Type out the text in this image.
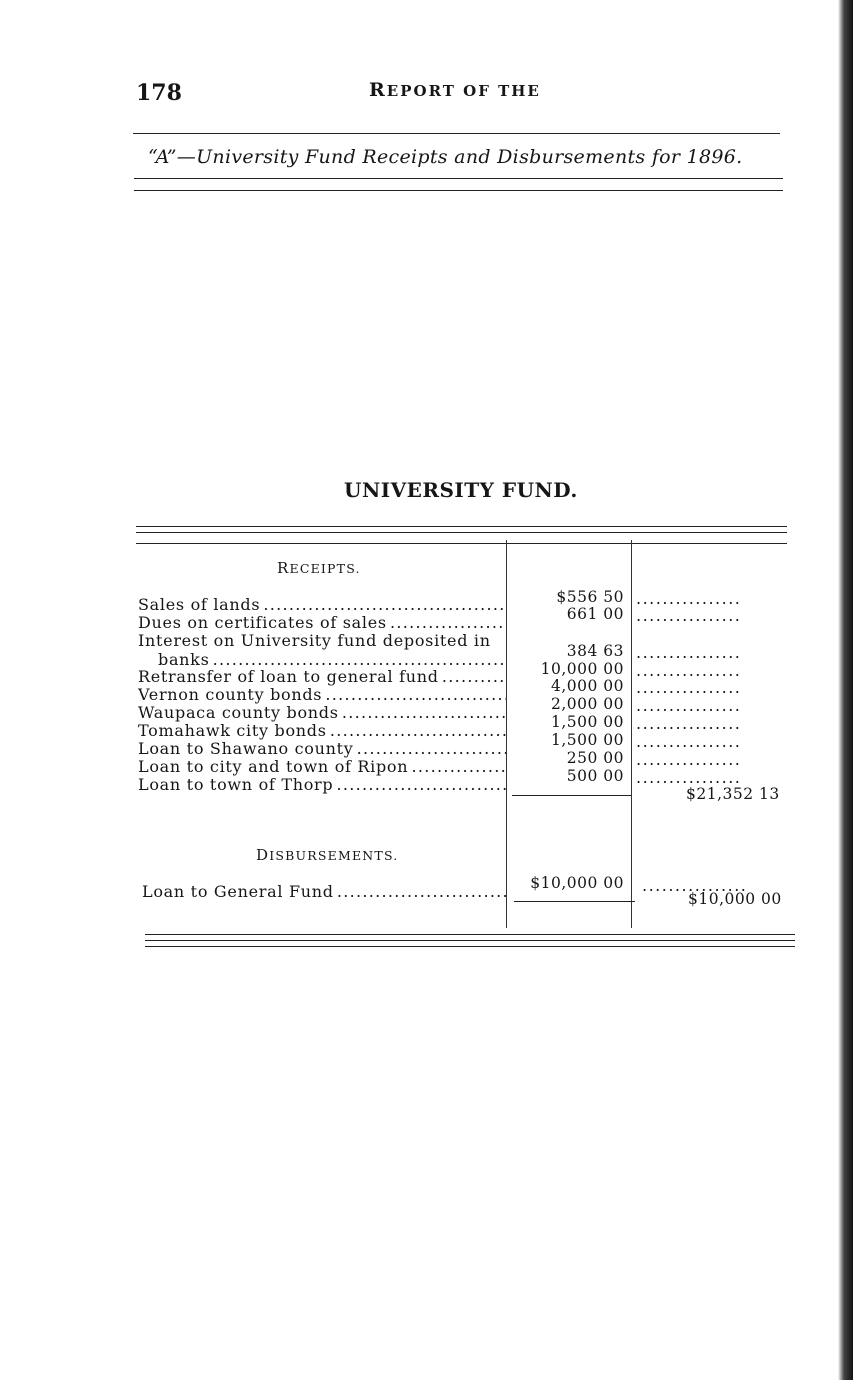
178	REPORT OF THE
“A”—University Fund Receipts and Disbursements for 1896.
UNIVERSITY FUND.
RECEIPTS.
Sales of lands . . .	$556 50 ................
Dues on certificates of sales . . .	661 00 ................
Interest on University fund deposited in
banks . . .	384 63 ................
Retransfer of loan to general fund . . .	10,000 00 ................
Vernon county bonds . . .	4,000 00 ................
Waupaca county bonds . . .	2,000 00 ................
Tomahawk city bonds . . .	1,500 00 ................
Loan to Shawano county . . .	1,500 00 ................
Loan to city and town of Ripon . . .	250 00 ................
Loan to town of Thorp . . .	500 00 ................
$21,352 13
DISBURSEMENTS.
Loan to General Fund . . .	$10,000 00 ................
$10,000 00
